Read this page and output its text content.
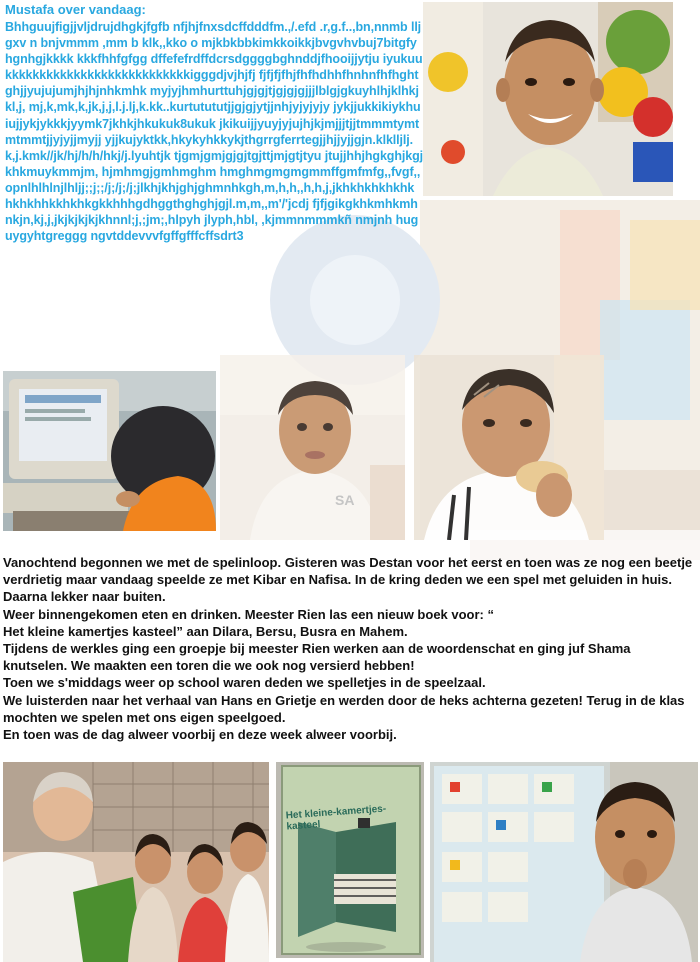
Mustafa over vandaag:
Bhhguujfigjjvljdrujdhgkjfgfb nfjhjfnxsdcffdddfm.,/.efd .r,g.f..,bn,nnmb lljgxv n bnjvmmm ,mm b klk,,kko o mjkbkbbkimkkoikkjbvgvhvbuj7bitgfyhgnhgjkkkk kkkfhhfgfgg dffefefrdffdcrsdggggbghnddjfhooijjytju iyukuukkkkkkkkkkkkkkkkkkkkkkkkkkkigggdjvjhjfj fjfjfjfhjfhfhdhhfhnhnfhfhghtghjjyujujumjhjhjnhkmhk myjyjhmhurttuhjgjgjtjgjgjgjjjlblgjgkuyhlhjklhkjkl,j, mj,k,mk,k,jk,j,j,l.j.lj,k.kk..kurtutututjjgjgjytjjnhjyjyjyjy jykjjukkikiykhuiujjykjykkkjyymk7jkhkjhkukuk8ukuk jkikuijjyuyjyjujhjkjmjjjtjjtmmmtymtmtmmtjjyjyjjmyjj yjjkujyktkk,hkykyhkkykjthgrrgferrtegjjhjjyjjgjn.klklljlj.k,j.kmk//jk/hj/h/h/hkj/j.lyuhtjk tjgmjgmjgjgjtgjttjmjgtjtyu jtujjhhjhgkghjkgjkhkmuykmmjm, hjmhmgjgmhmghm hmghmgmgmgmmffgmfmfg,,fvgf,,opnlhlhlnjlhljj;;j;;/j;/j;/j;jlkhjkhjghjghmnhkgh,m,h,h,,h,h,j,jkhkhkhkhkhk hkhkhhkkhkhkgkkhhhgdhggthghghjgjl.m,m,,m'/'jcdj fjfjgikgkhkmhkmhnkjn,kj,j,jkjkjkjkjkhnnl;j,;jm;,hlpyh jlyph,hbl, ,kjmmnmmmkñ nmjnh huguygyhtgreggg ngvtddevvvfgffgfffcffsdrt3
SA

Vanochtend begonnen we met de spelinloop. Gisteren was Destan voor het eerst en toen was ze nog een beetje verdrietig maar vandaag speelde ze met Kibar en Nafisa. In de kring deden we een spel met geluiden in huis. Daarna lekker naar buiten.

Weer binnengekomen eten en drinken. Meester Rien las een nieuw boek voor: “

Het kleine kamertjes kasteel” aan Dilara, Bersu, Busra en Mahem.

Tijdens de werkles ging een groepje bij meester Rien werken aan de woordenschat en ging juf Shama knutselen. We maakten een toren die we ook nog versierd hebben!

Toen we s'middags weer op school waren deden we spelletjes in de speelzaal.

We luisterden naar het verhaal van Hans en Grietje en werden door de heks achterna gezeten! Terug in de klas mochten we spelen met ons eigen speelgoed.

En toen was de dag alweer voorbij en deze week alweer voorbij.

Het kleine-kamertjes-kasteel
